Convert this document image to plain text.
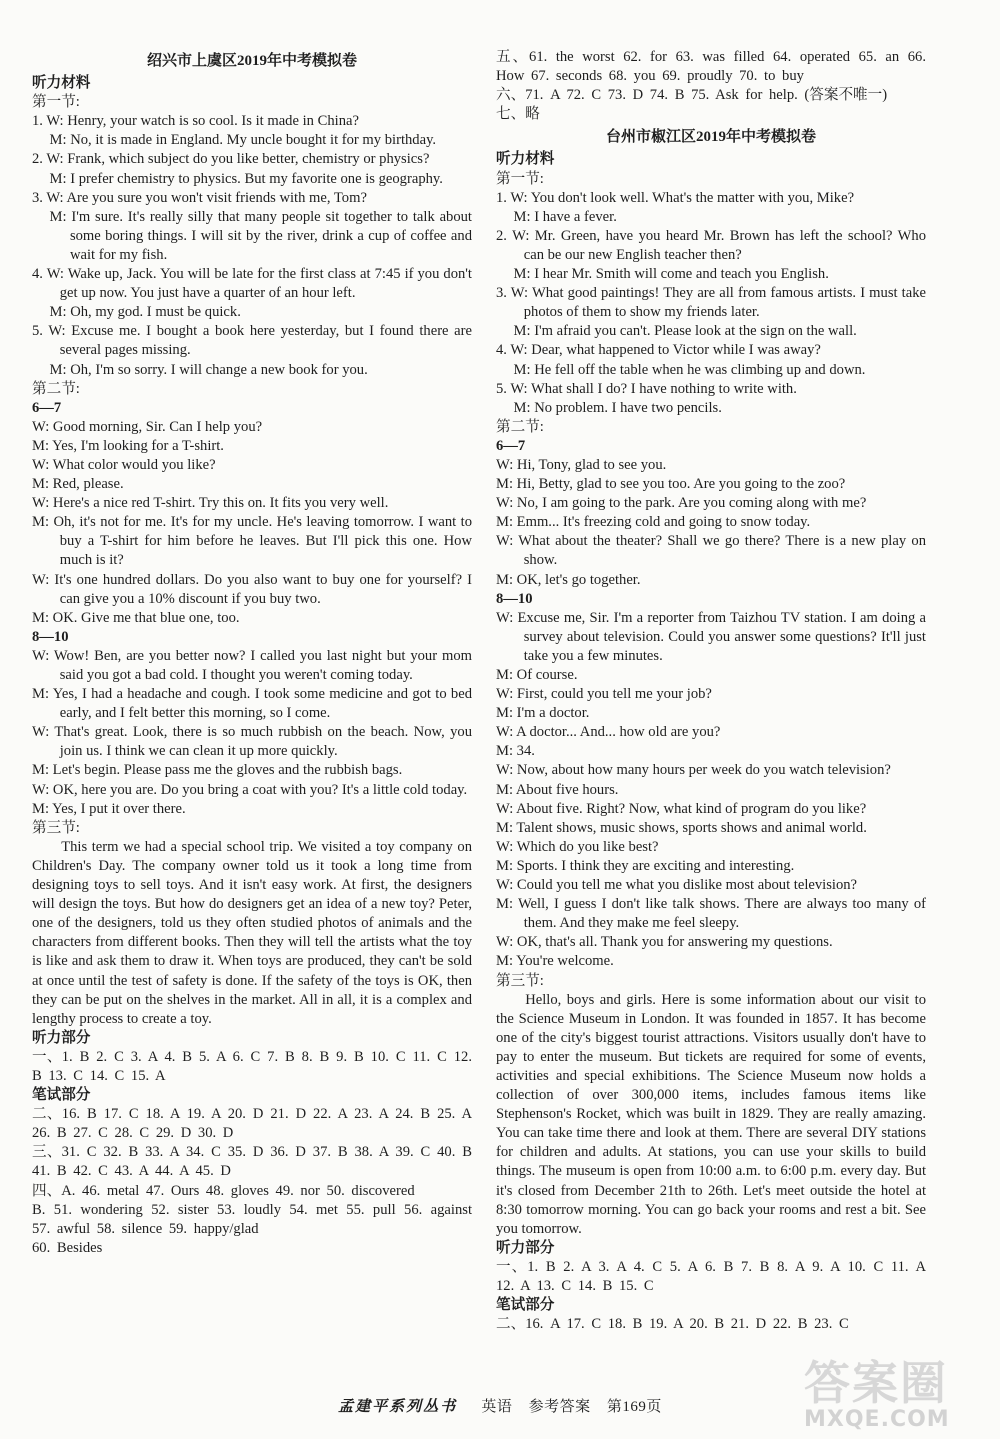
绍兴市上虞区2019年中考模拟卷
听力材料
第一节:
1. W: Henry, your watch is so cool. Is it made in China?
M: No, it is made in England. My uncle bought it for my birthday.
2. W: Frank, which subject do you like better, chemistry or physics?
M: I prefer chemistry to physics. But my favorite one is geography.
3. W: Are you sure you won't visit friends with me, Tom?
M: I'm sure. It's really silly that many people sit together to talk about some boring things. I will sit by the river, drink a cup of coffee and wait for my fish.
4. W: Wake up, Jack. You will be late for the first class at 7:45 if you don't get up now. You just have a quarter of an hour left.
M: Oh, my god. I must be quick.
5. W: Excuse me. I bought a book here yesterday, but I found there are several pages missing.
M: Oh, I'm so sorry. I will change a new book for you.
第二节:
6—7
W: Good morning, Sir. Can I help you?
M: Yes, I'm looking for a T-shirt.
W: What color would you like?
M: Red, please.
W: Here's a nice red T-shirt. Try this on. It fits you very well.
M: Oh, it's not for me. It's for my uncle. He's leaving tomorrow. I want to buy a T-shirt for him before he leaves. But I'll pick this one. How much is it?
W: It's one hundred dollars. Do you also want to buy one for yourself? I can give you a 10% discount if you buy two.
M: OK. Give me that blue one, too.
8—10
W: Wow! Ben, are you better now? I called you last night but your mom said you got a bad cold. I thought you weren't coming today.
M: Yes, I had a headache and cough. I took some medicine and got to bed early, and I felt better this morning, so I come.
W: That's great. Look, there is so much rubbish on the beach. Now, you join us. I think we can clean it up more quickly.
M: Let's begin. Please pass me the gloves and the rubbish bags.
W: OK, here you are. Do you bring a coat with you? It's a little cold today.
M: Yes, I put it over there.
第三节:
This term we had a special school trip. We visited a toy company on Children's Day. The company owner told us it took a long time from designing toys to sell toys. And it isn't easy work. At first, the designers will design the toys. But how do designers get an idea of a new toy? Peter, one of the designers, told us they often studied photos of animals and the characters from different books. Then they will tell the artists what the toy is like and ask them to draw it. When toys are produced, they can't be sold at once until the test of safety is done. If the safety of the toys is OK, then they can be put on the shelves in the market. All in all, it is a complex and lengthy process to create a toy.
听力部分
一、1. B 2. C 3. A 4. B 5. A 6. C 7. B 8. B 9. B 10. C 11. C 12. B 13. C 14. C 15. A
笔试部分
二、16. B 17. C 18. A 19. A 20. D 21. D 22. A 23. A 24. B 25. A 26. B 27. C 28. C 29. D 30. D
三、31. C 32. B 33. A 34. C 35. D 36. D 37. B 38. A 39. C 40. B 41. B 42. C 43. A 44. A 45. D
四、A. 46. metal 47. Ours 48. gloves 49. nor 50. discovered
B. 51. wondering 52. sister 53. loudly 54. met 55. pull 56. against 57. awful 58. silence 59. happy/glad
60. Besides
五、61. the worst 62. for 63. was filled 64. operated 65. an 66. How 67. seconds 68. you 69. proudly 70. to buy
六、71. A 72. C 73. D 74. B 75. Ask for help. (答案不唯一)
七、略
台州市椒江区2019年中考模拟卷
听力材料
第一节:
1. W: You don't look well. What's the matter with you, Mike?
M: I have a fever.
2. W: Mr. Green, have you heard Mr. Brown has left the school? Who can be our new English teacher then?
M: I hear Mr. Smith will come and teach you English.
3. W: What good paintings! They are all from famous artists. I must take photos of them to show my friends later.
M: I'm afraid you can't. Please look at the sign on the wall.
4. W: Dear, what happened to Victor while I was away?
M: He fell off the table when he was climbing up and down.
5. W: What shall I do? I have nothing to write with.
M: No problem. I have two pencils.
第二节:
6—7
W: Hi, Tony, glad to see you.
M: Hi, Betty, glad to see you too. Are you going to the zoo?
W: No, I am going to the park. Are you coming along with me?
M: Emm... It's freezing cold and going to snow today.
W: What about the theater? Shall we go there? There is a new play on show.
M: OK, let's go together.
8—10
W: Excuse me, Sir. I'm a reporter from Taizhou TV station. I am doing a survey about television. Could you answer some questions? It'll just take you a few minutes.
M: Of course.
W: First, could you tell me your job?
M: I'm a doctor.
W: A doctor... And... how old are you?
M: 34.
W: Now, about how many hours per week do you watch television?
M: About five hours.
W: About five. Right? Now, what kind of program do you like?
M: Talent shows, music shows, sports shows and animal world.
W: Which do you like best?
M: Sports. I think they are exciting and interesting.
W: Could you tell me what you dislike most about television?
M: Well, I guess I don't like talk shows. There are always too many of them. And they make me feel sleepy.
W: OK, that's all. Thank you for answering my questions.
M: You're welcome.
第三节:
Hello, boys and girls. Here is some information about our visit to the Science Museum in London. It was founded in 1857. It has become one of the city's biggest tourist attractions. Visitors usually don't have to pay to enter the museum. But tickets are required for some of events, activities and special exhibitions. The Science Museum now holds a collection of over 300,000 items, includes famous items like Stephenson's Rocket, which was built in 1829. They are really amazing. You can take time there and look at them. There are several DIY stations for children and adults. At stations, you can use your skills to build things. The museum is open from 10:00 a.m. to 6:00 p.m. every day. But it's closed from December 21th to 26th. Let's meet outside the hotel at 8:30 tomorrow morning. You can go back your rooms and rest a bit. See you tomorrow.
听力部分
一、1. B 2. A 3. A 4. C 5. A 6. B 7. B 8. A 9. A 10. C 11. A 12. A 13. C 14. B 15. C
笔试部分
二、16. A 17. C 18. B 19. A 20. B 21. D 22. B 23. C
孟建平系列丛书 英语 参考答案 第169页	答案圈
MXQE.COM
